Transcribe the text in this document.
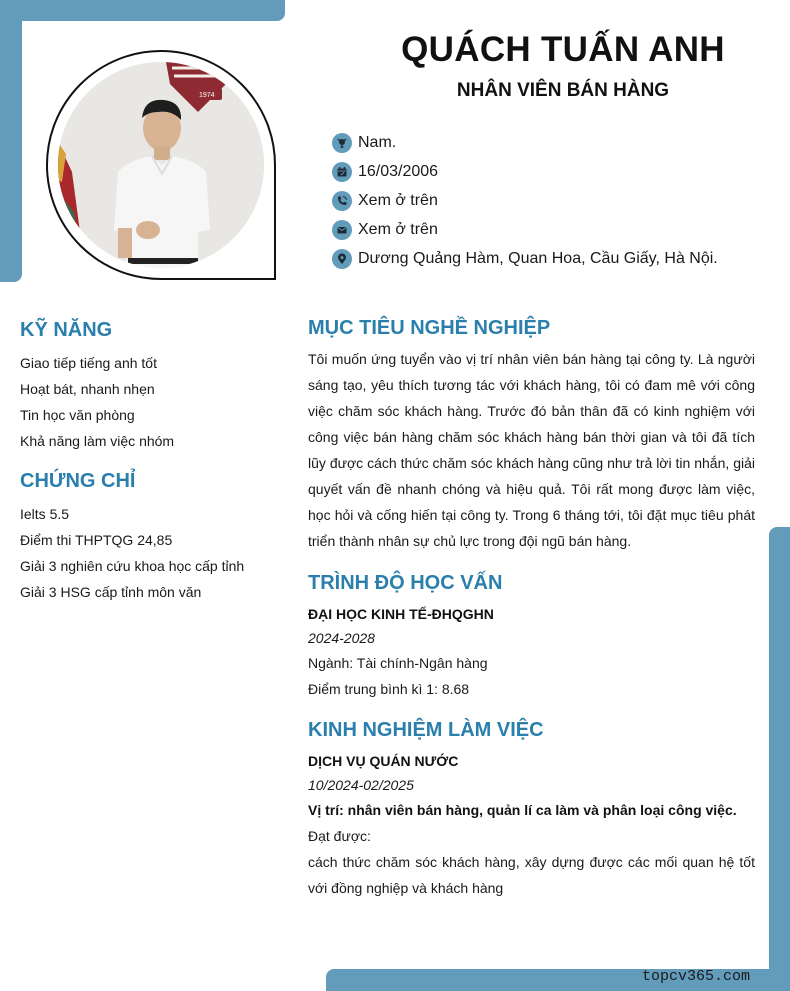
1974
QUÁCH TUẤN ANH
NHÂN VIÊN BÁN HÀNG
Nam.
16/03/2006
Xem ở trên
Xem ở trên
Dương Quảng Hàm, Quan Hoa, Cầu Giấy, Hà Nội.
KỸ NĂNG
Giao tiếp tiếng anh tốt
Hoạt bát, nhanh nhẹn
Tin học văn phòng
Khả năng làm việc nhóm
CHỨNG CHỈ
Ielts 5.5
Điểm thi THPTQG 24,85
Giải 3 nghiên cứu khoa học cấp tỉnh
Giải 3 HSG cấp tỉnh môn văn
MỤC TIÊU NGHỀ NGHIỆP

Tôi muốn ứng tuyển vào vị trí nhân viên bán hàng tại công ty. Là người sáng tạo, yêu thích tương tác với khách hàng, tôi có đam mê với công việc chăm sóc khách hàng. Trước đó bản thân đã có kinh nghiệm với công việc bán hàng chăm sóc khách hàng bán thời gian và tôi đã tích lũy được cách thức chăm sóc khách hàng cũng như trả lời tin nhắn, giải quyết vấn đề nhanh chóng và hiệu quả. Tôi rất mong được làm việc, học hỏi và cống hiến tại công ty. Trong 6 tháng tới, tôi đặt mục tiêu phát triển thành nhân sự chủ lực trong đội ngũ bán hàng.

TRÌNH ĐỘ HỌC VẤN
ĐẠI HỌC KINH TẾ-ĐHQGHN
2024-2028
Ngành: Tài chính-Ngân hàng
Điểm trung bình kì 1: 8.68
KINH NGHIỆM LÀM VIỆC
DỊCH VỤ QUÁN NƯỚC
10/2024-02/2025
Vị trí: nhân viên bán hàng, quản lí ca làm và phân loại công việc.
Đạt được:

cách thức chăm sóc khách hàng, xây dựng được các mối quan hệ tốt với đồng nghiệp và khách hàng

topcv365.com
